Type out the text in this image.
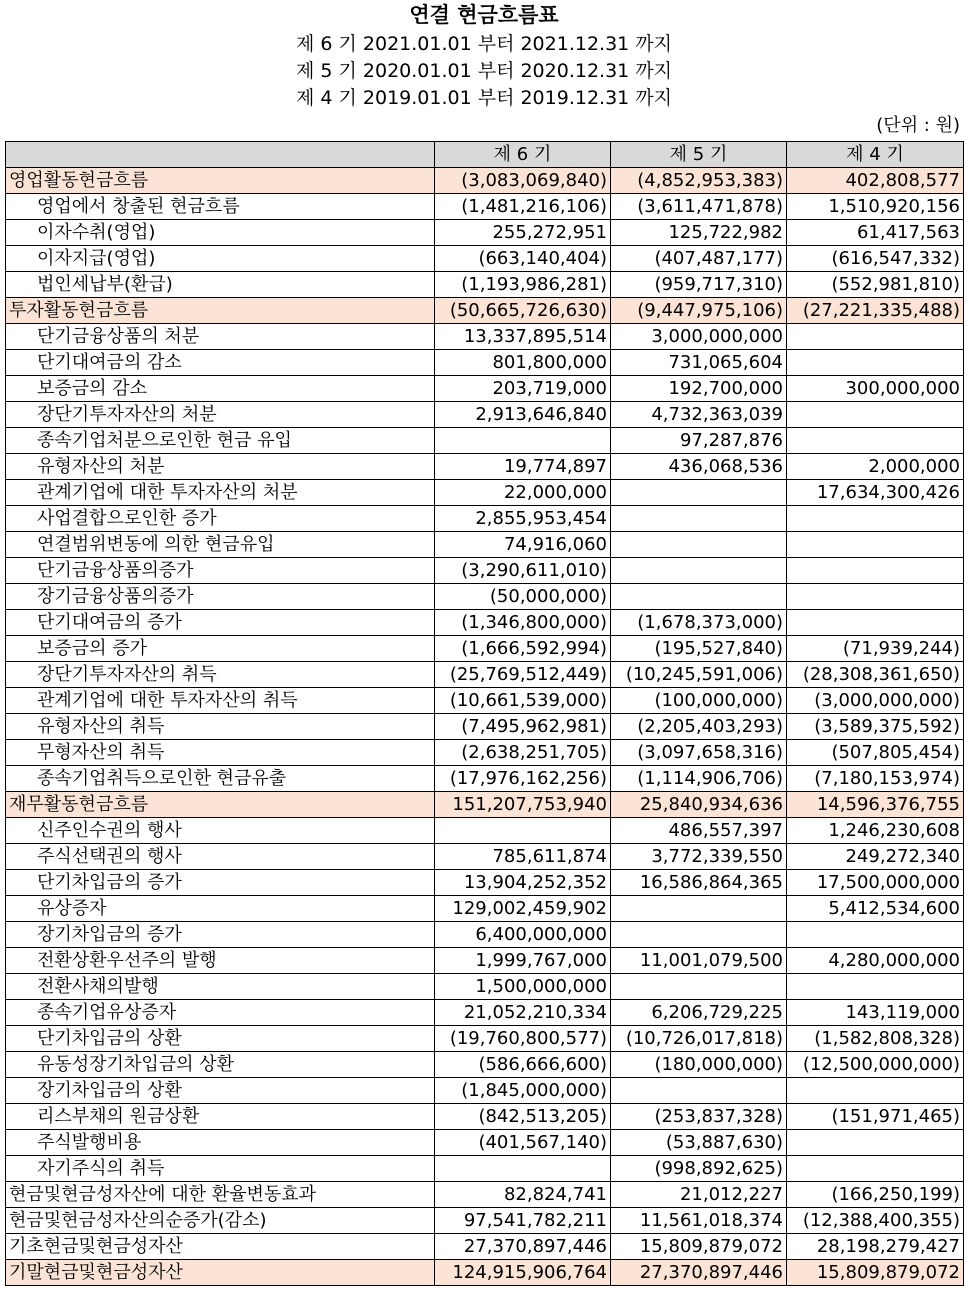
연결 현금흐름표
제 6 기 2021.01.01 부터 2021.12.31 까지
제 5 기 2020.01.01 부터 2020.12.31 까지
제 4 기 2019.01.01 부터 2019.12.31 까지
(단위 : 원)
	제 6 기	제 5 기	제 4 기
영업활동현금흐름	(3,083,069,840)	(4,852,953,383)	402,808,577
영업에서 창출된 현금흐름	(1,481,216,106)	(3,611,471,878)	1,510,920,156
이자수취(영업)	255,272,951	125,722,982	61,417,563
이자지급(영업)	(663,140,404)	(407,487,177)	(616,547,332)
법인세납부(환급)	(1,193,986,281)	(959,717,310)	(552,981,810)
투자활동현금흐름	(50,665,726,630)	(9,447,975,106)	(27,221,335,488)
단기금융상품의 처분	13,337,895,514	3,000,000,000	
단기대여금의 감소	801,800,000	731,065,604	
보증금의 감소	203,719,000	192,700,000	300,000,000
장단기투자자산의 처분	2,913,646,840	4,732,363,039	
종속기업처분으로인한 현금 유입		97,287,876	
유형자산의 처분	19,774,897	436,068,536	2,000,000
관계기업에 대한 투자자산의 처분	22,000,000		17,634,300,426
사업결합으로인한 증가	2,855,953,454		
연결범위변동에 의한 현금유입	74,916,060		
단기금융상품의증가	(3,290,611,010)		
장기금융상품의증가	(50,000,000)		
단기대여금의 증가	(1,346,800,000)	(1,678,373,000)	
보증금의 증가	(1,666,592,994)	(195,527,840)	(71,939,244)
장단기투자자산의 취득	(25,769,512,449)	(10,245,591,006)	(28,308,361,650)
관계기업에 대한 투자자산의 취득	(10,661,539,000)	(100,000,000)	(3,000,000,000)
유형자산의 취득	(7,495,962,981)	(2,205,403,293)	(3,589,375,592)
무형자산의 취득	(2,638,251,705)	(3,097,658,316)	(507,805,454)
종속기업취득으로인한 현금유출	(17,976,162,256)	(1,114,906,706)	(7,180,153,974)
재무활동현금흐름	151,207,753,940	25,840,934,636	14,596,376,755
신주인수권의 행사		486,557,397	1,246,230,608
주식선택권의 행사	785,611,874	3,772,339,550	249,272,340
단기차입금의 증가	13,904,252,352	16,586,864,365	17,500,000,000
유상증자	129,002,459,902		5,412,534,600
장기차입금의 증가	6,400,000,000		
전환상환우선주의 발행	1,999,767,000	11,001,079,500	4,280,000,000
전환사채의발행	1,500,000,000		
종속기업유상증자	21,052,210,334	6,206,729,225	143,119,000
단기차입금의 상환	(19,760,800,577)	(10,726,017,818)	(1,582,808,328)
유동성장기차입금의 상환	(586,666,600)	(180,000,000)	(12,500,000,000)
장기차입금의 상환	(1,845,000,000)		
리스부채의 원금상환	(842,513,205)	(253,837,328)	(151,971,465)
주식발행비용	(401,567,140)	(53,887,630)	
자기주식의 취득		(998,892,625)	
현금및현금성자산에 대한 환율변동효과	82,824,741	21,012,227	(166,250,199)
현금및현금성자산의순증가(감소)	97,541,782,211	11,561,018,374	(12,388,400,355)
기초현금및현금성자산	27,370,897,446	15,809,879,072	28,198,279,427
기말현금및현금성자산	124,915,906,764	27,370,897,446	15,809,879,072
